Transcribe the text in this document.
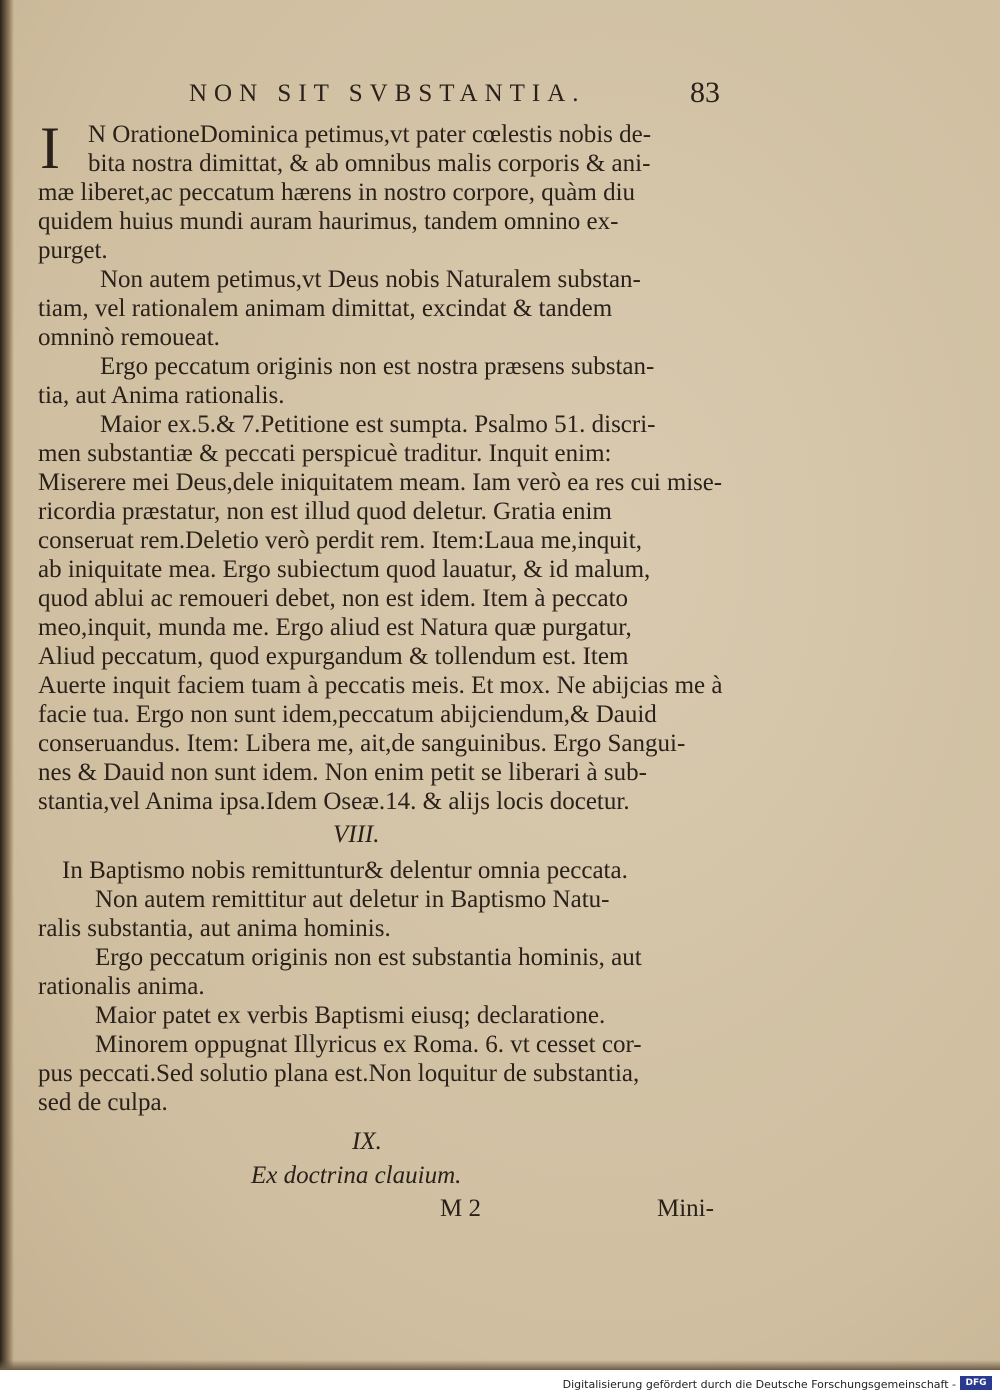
NON SIT SVBSTANTIA.	83
I N OrationeDominica petimus,vt pater cœlestis nobis de-
bita nostra dimittat, & ab omnibus malis corporis & ani-
mæ liberet,ac peccatum hærens in nostro corpore, quàm diu
quidem huius mundi auram haurimus, tandem omnino ex-
purget.
Non autem petimus,vt Deus nobis Naturalem substan-
tiam, vel rationalem animam dimittat, excindat & tandem
omninò remoueat.
Ergo peccatum originis non est nostra præsens substan-
tia, aut Anima rationalis.
Maior ex.5.& 7.Petitione est sumpta. Psalmo 51. discri-
men substantiæ & peccati perspicuè traditur. Inquit enim:
Miserere mei Deus,dele iniquitatem meam. Iam verò ea res cui mise-
ricordia præstatur, non est illud quod deletur. Gratia enim
conseruat rem.Deletio verò perdit rem. Item:Laua me,inquit,
ab iniquitate mea. Ergo subiectum quod lauatur, & id malum,
quod ablui ac remoueri debet, non est idem. Item à peccato
meo,inquit, munda me. Ergo aliud est Natura quæ purgatur,
Aliud peccatum, quod expurgandum & tollendum est. Item
Auerte inquit faciem tuam à peccatis meis. Et mox. Ne abijcias me à
facie tua. Ergo non sunt idem,peccatum abijciendum,& Dauid
conseruandus. Item: Libera me, ait,de sanguinibus. Ergo Sangui-
nes & Dauid non sunt idem. Non enim petit se liberari à sub-
stantia,vel Anima ipsa.Idem Oseæ.14. & alijs locis docetur.
VIII.
In Baptismo nobis remittuntur& delentur omnia peccata.
Non autem remittitur aut deletur in Baptismo Natu-
ralis substantia, aut anima hominis.
Ergo peccatum originis non est substantia hominis, aut
rationalis anima.
Maior patet ex verbis Baptismi eiusq; declaratione.
Minorem oppugnat Illyricus ex Roma. 6. vt cesset cor-
pus peccati.Sed solutio plana est.Non loquitur de substantia,
sed de culpa.
IX.
Ex doctrina clauium.
M 2	Mini-
Digitalisierung gefördert durch die Deutsche Forschungsgemeinschaft -	DFG
